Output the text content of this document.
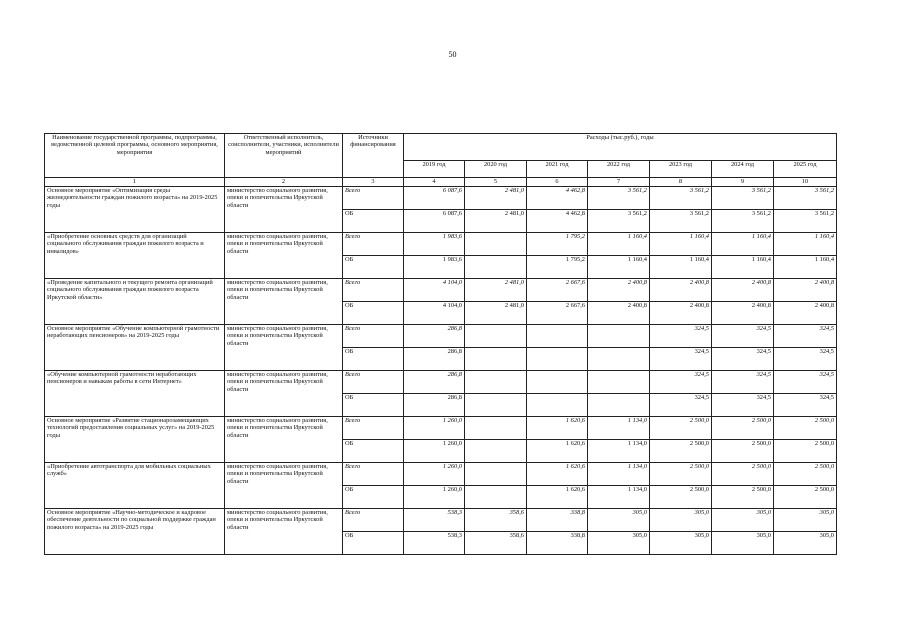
50
Наименование государственной программы, подпрограммы, ведомственной целевой программы, основного мероприятия, мероприятия	Ответственный исполнитель, соисполнители, участники, исполнители мероприятий	Источники финансирования	Расходы (тыс.руб.), годы						
			2019 год	2020 год	2021 год	2022 год	2023 год	2024 год	2025 год
1	2	3	4	5	6	7	8	9	10
Основное мероприятие «Оптимизация среды жизнедеятельности граждан пожилого возраста» на 2019-2025 годы	министерство социального развития, опеки и попечительства Иркутской области	Всего	6 087,6	2 481,0	4 462,8	3 561,2	3 561,2	3 561,2	3 561,2
		ОБ	6 087,6	2 481,0	4 462,8	3 561,2	3 561,2	3 561,2	3 561,2
«Приобретение основных средств для организаций социального обслуживания граждан пожилого возраста и инвалидов»	министерство социального развития, опеки и попечительства Иркутской области	Всего	1 983,6		1 795,2	1 160,4	1 160,4	1 160,4	1 160,4
		ОБ	1 983,6		1 795,2	1 160,4	1 160,4	1 160,4	1 160,4
«Проведение капитального и текущего ремонта организаций социального обслуживания граждан пожилого возраста Иркутской области»	министерство социального развития, опеки и попечительства Иркутской области	Всего	4 104,0	2 481,0	2 667,6	2 400,8	2 400,8	2 400,8	2 400,8
		ОБ	4 104,0	2 481,0	2 667,6	2 400,8	2 400,8	2 400,8	2 400,8
Основное мероприятие «Обучение компьютерной грамотности неработающих пенсионеров» на 2019-2025 годы	министерство социального развития, опеки и попечительства Иркутской области	Всего	286,8				324,5	324,5	324,5
		ОБ	286,8				324,5	324,5	324,5
«Обучение компьютерной грамотности неработающих пенсионеров и навыкам работы в сети Интернет»	министерство социального развития, опеки и попечительства Иркутской области	Всего	286,8				324,5	324,5	324,5
		ОБ	286,8				324,5	324,5	324,5
Основное мероприятие «Развитие стационарозамещающих технологий предоставления социальных услуг» на 2019-2025 годы	министерство социального развития, опеки и попечительства Иркутской области	Всего	1 260,0		1 620,6	1 134,0	2 500,0	2 500,0	2 500,0
		ОБ	1 260,0		1 620,6	1 134,0	2 500,0	2 500,0	2 500,0
«Приобретение автотранспорта для мобильных социальных служб»	министерство социального развития, опеки и попечительства Иркутской области	Всего	1 260,0		1 620,6	1 134,0	2 500,0	2 500,0	2 500,0
		ОБ	1 260,0		1 620,6	1 134,0	2 500,0	2 500,0	2 500,0
Основное мероприятие «Научно-методическое и кадровое обеспечение деятельности по социальной поддержке граждан пожилого возраста» на 2019-2025 годы	министерство социального развития, опеки и попечительства Иркутской области	Всего	538,3	358,6	338,8	305,0	305,0	305,0	305,0
		ОБ	538,3	358,6	338,8	305,0	305,0	305,0	305,0
